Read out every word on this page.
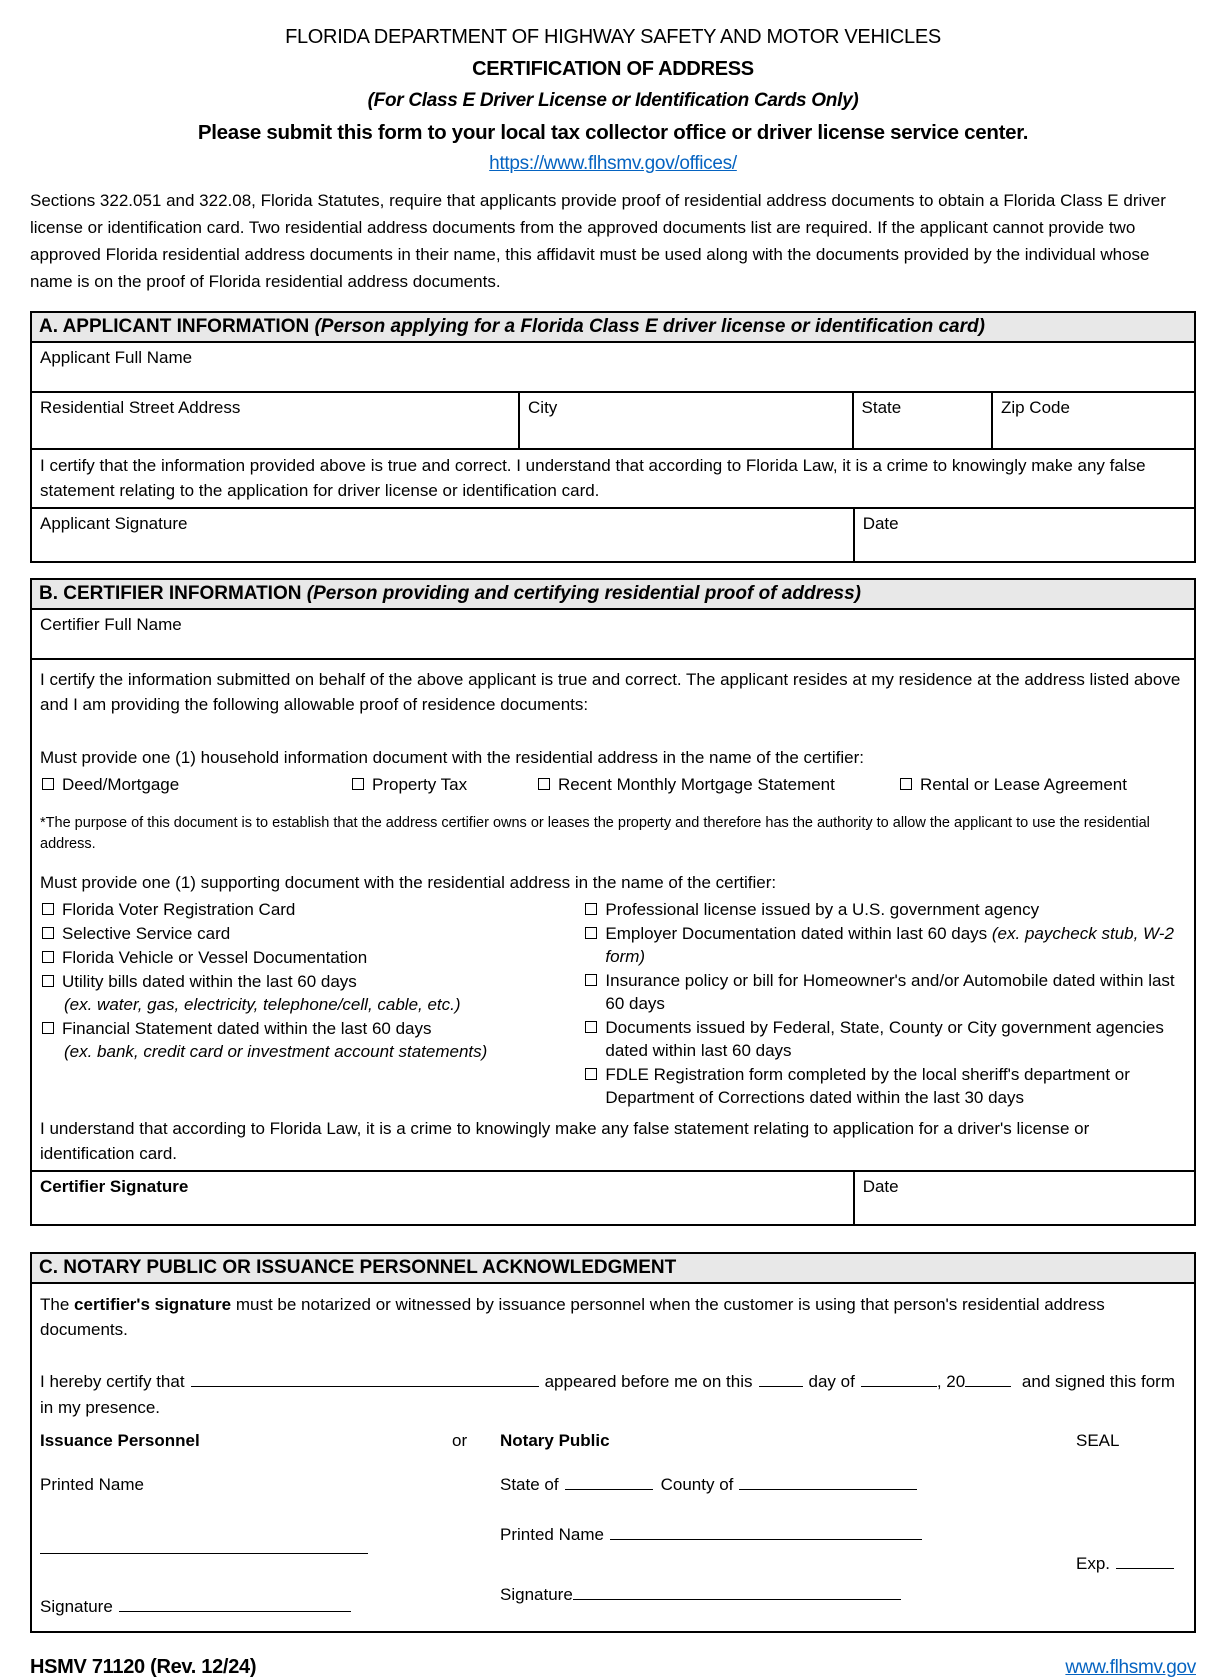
FLORIDA DEPARTMENT OF HIGHWAY SAFETY AND MOTOR VEHICLES
CERTIFICATION OF ADDRESS
(For Class E Driver License or Identification Cards Only)
Please submit this form to your local tax collector office or driver license service center.
https://www.flhsmv.gov/offices/

Sections 322.051 and 322.08, Florida Statutes, require that applicants provide proof of residential address documents to obtain a Florida Class E driver license or identification card. Two residential address documents from the approved documents list are required. If the applicant cannot provide two approved Florida residential address documents in their name, this affidavit must be used along with the documents provided by the individual whose name is on the proof of Florida residential address documents.

A. APPLICANT INFORMATION (Person applying for a Florida Class E driver license or identification card)
Applicant Full Name
Residential Street Address	City	State	Zip Code

I certify that the information provided above is true and correct. I understand that according to Florida Law, it is a crime to knowingly make any false statement relating to the application for driver license or identification card.

Applicant Signature	Date
B. CERTIFIER INFORMATION (Person providing and certifying residential proof of address)
Certifier Full Name

I certify the information submitted on behalf of the above applicant is true and correct. The applicant resides at my residence at the address listed above and I am providing the following allowable proof of residence documents:

Must provide one (1) household information document with the residential address in the name of the certifier:

Deed/Mortgage	Property Tax	Recent Monthly Mortgage Statement	Rental or Lease Agreement

*The purpose of this document is to establish that the address certifier owns or leases the property and therefore has the authority to allow the applicant to use the residential address.

Must provide one (1) supporting document with the residential address in the name of the certifier:

Florida Voter Registration Card
Selective Service card
Florida Vehicle or Vessel Documentation
Utility bills dated within the last 60 days
(ex. water, gas, electricity, telephone/cell, cable, etc.)
Financial Statement dated within the last 60 days
(ex. bank, credit card or investment account statements)
Professional license issued by a U.S. government agency
Employer Documentation dated within last 60 days (ex. paycheck stub, W-2 form)
Insurance policy or bill for Homeowner's and/or Automobile dated within last 60 days
Documents issued by Federal, State, County or City government agencies dated within last 60 days
FDLE Registration form completed by the local sheriff's department or Department of Corrections dated within the last 30 days

I understand that according to Florida Law, it is a crime to knowingly make any false statement relating to application for a driver's license or identification card.

Certifier Signature	Date
C. NOTARY PUBLIC OR ISSUANCE PERSONNEL ACKNOWLEDGMENT

The certifier's signature must be notarized or witnessed by issuance personnel when the customer is using that person's residential address documents.

I hereby certify that	appeared before me on this	day of	, 20	and signed this form in my presence.

Issuance Personnel
Printed Name
Signature
or	Notary Public
State of	County of
Printed Name
Signature
SEAL
Exp.
HSMV 71120 (Rev. 12/24)	www.flhsmv.gov
